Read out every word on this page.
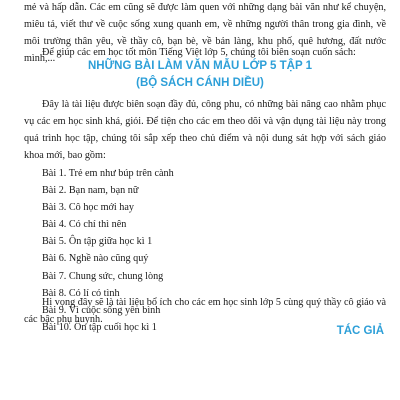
mẻ và hấp dẫn. Các em cũng sẽ được làm quen với những dạng bài văn như kể chuyện, miêu tả, viết thư về cuộc sống xung quanh em, về những người thân trong gia đình, về môi trường thân yêu, về thầy cô, bạn bè, về bản làng, khu phố, quê hương, đất nước mình,...

Để giúp các em học tốt môn Tiếng Việt lớp 5, chúng tôi biên soạn cuốn sách:

NHỮNG BÀI LÀM VĂN MẪU LỚP 5 TẬP 1
(BỘ SÁCH CÁNH DIỀU)

Đây là tài liệu được biên soạn đầy đủ, công phu, có những bài nâng cao nhằm phục vụ các em học sinh khá, giỏi. Để tiện cho các em theo dõi và vận dụng tài liệu này trong quá trình học tập, chúng tôi sắp xếp theo chủ điểm và nội dung sát hợp với sách giáo khoa mới, bao gồm:

Bài 1. Trẻ em như búp trên cành
Bài 2. Bạn nam, bạn nữ
Bài 3. Cô học mới hay
Bài 4. Có chí thì nên
Bài 5. Ôn tập giữa học kì 1
Bài 6. Nghề nào cũng quý
Bài 7. Chung sức, chung lòng
Bài 8. Có lí có tình
Bài 9. Vì cuộc sống yên bình
Bài 10. Ôn tập cuối học kì 1

Hi vọng đây sẽ là tài liệu bổ ích cho các em học sinh lớp 5 cùng quý thầy cô giáo và các bậc phụ huynh.

TÁC GIẢ
